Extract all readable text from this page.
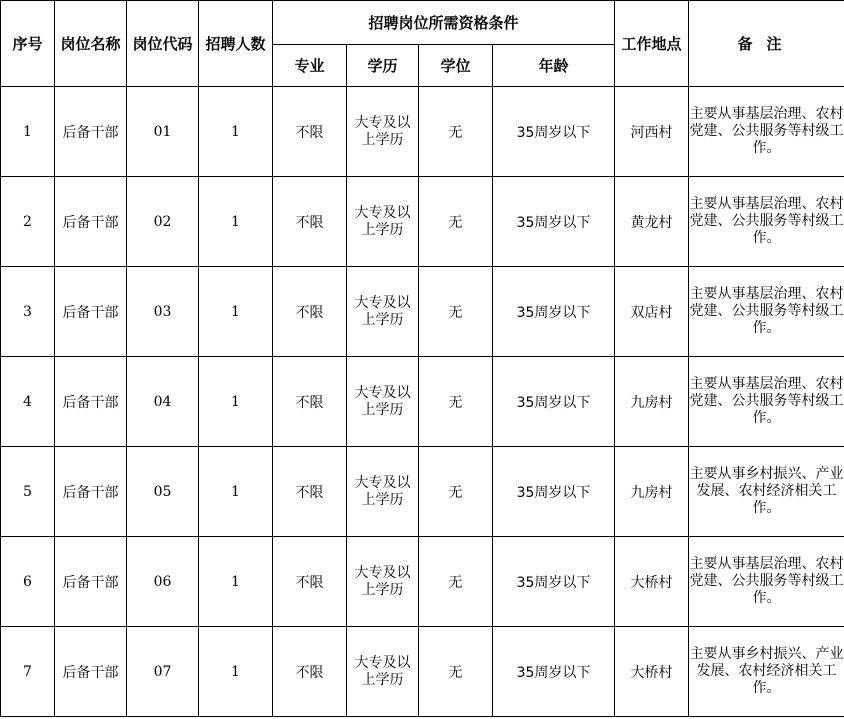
序号	岗位名称	岗位代码	招聘人数	招聘岗位所需资格条件				工作地点	备注
				专业	学历	学位	年龄		
1	后备干部	01	1	不限	大专及以上学历	无	35周岁以下	河西村	主要从事基层治理、农村党建、公共服务等村级工作。
2	后备干部	02	1	不限	大专及以上学历	无	35周岁以下	黄龙村	主要从事基层治理、农村党建、公共服务等村级工作。
3	后备干部	03	1	不限	大专及以上学历	无	35周岁以下	双店村	主要从事基层治理、农村党建、公共服务等村级工作。
4	后备干部	04	1	不限	大专及以上学历	无	35周岁以下	九房村	主要从事基层治理、农村党建、公共服务等村级工作。
5	后备干部	05	1	不限	大专及以上学历	无	35周岁以下	九房村	主要从事乡村振兴、产业发展、农村经济相关工作。
6	后备干部	06	1	不限	大专及以上学历	无	35周岁以下	大桥村	主要从事基层治理、农村党建、公共服务等村级工作。
7	后备干部	07	1	不限	大专及以上学历	无	35周岁以下	大桥村	主要从事乡村振兴、产业发展、农村经济相关工作。
